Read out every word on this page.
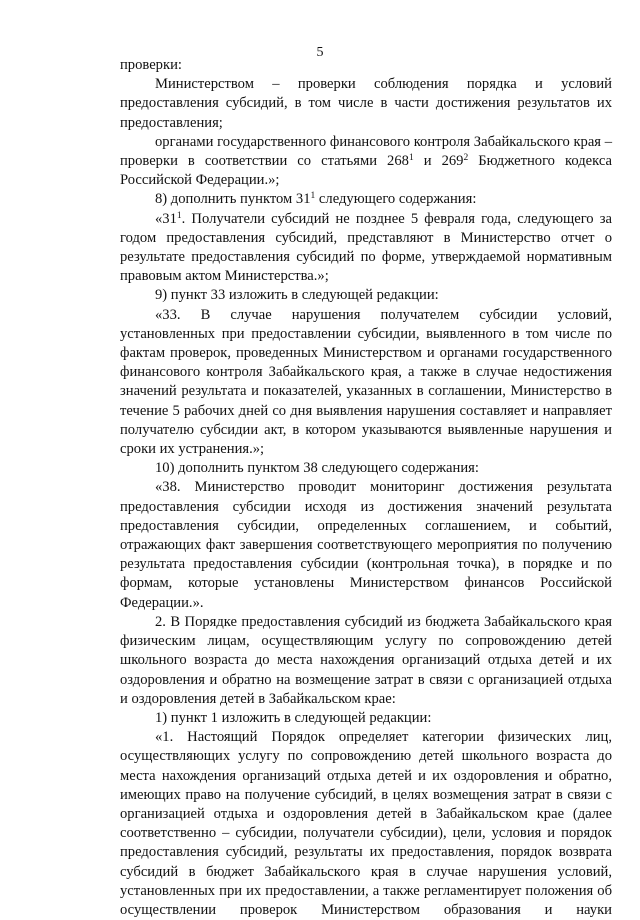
5

проверки:

Министерством – проверки соблюдения порядка и условий предоставления субсидий, в том числе в части достижения результатов их предоставления;

органами государственного финансового контроля Забайкальского края – проверки в соответствии со статьями $268^1$ и $269^2$ Бюджетного кодекса Российской Федерации.»;

8) дополнить пунктом $31^1$ следующего содержания:

«$31^1$. Получатели субсидий не позднее 5 февраля года, следующего за годом предоставления субсидий, представляют в Министерство отчет о результате предоставления субсидий по форме, утверждаемой нормативным правовым актом Министерства.»;

9) пункт 33 изложить в следующей редакции:

«33. В случае нарушения получателем субсидии условий, установленных при предоставлении субсидии, выявленного в том числе по фактам проверок, проведенных Министерством и органами государственного финансового контроля Забайкальского края, а также в случае недостижения значений результата и показателей, указанных в соглашении, Министерство в течение 5 рабочих дней со дня выявления нарушения составляет и направляет получателю субсидии акт, в котором указываются выявленные нарушения и сроки их устранения.»;

10) дополнить пунктом 38 следующего содержания:

«38. Министерство проводит мониторинг достижения результата предоставления субсидии исходя из достижения значений результата предоставления субсидии, определенных соглашением, и событий, отражающих факт завершения соответствующего мероприятия по получению результата предоставления субсидии (контрольная точка), в порядке и по формам, которые установлены Министерством финансов Российской Федерации.».

2. В Порядке предоставления субсидий из бюджета Забайкальского края физическим лицам, осуществляющим услугу по сопровождению детей школьного возраста до места нахождения организаций отдыха детей и их оздоровления и обратно на возмещение затрат в связи с организацией отдыха и оздоровления детей в Забайкальском крае:

1) пункт 1 изложить в следующей редакции:

«1. Настоящий Порядок определяет категории физических лиц, осуществляющих услугу по сопровождению детей школьного возраста до места нахождения организаций отдыха детей и их оздоровления и обратно, имеющих право на получение субсидий, в целях возмещения затрат в связи с организацией отдыха и оздоровления детей в Забайкальском крае (далее соответственно – субсидии, получатели субсидии), цели, условия и порядок предоставления субсидий, результаты их предоставления, порядок возврата субсидий в бюджет Забайкальского края в случае нарушения условий, установленных при их предоставлении, а также регламентирует положения об осуществлении проверок Министерством образования и науки
